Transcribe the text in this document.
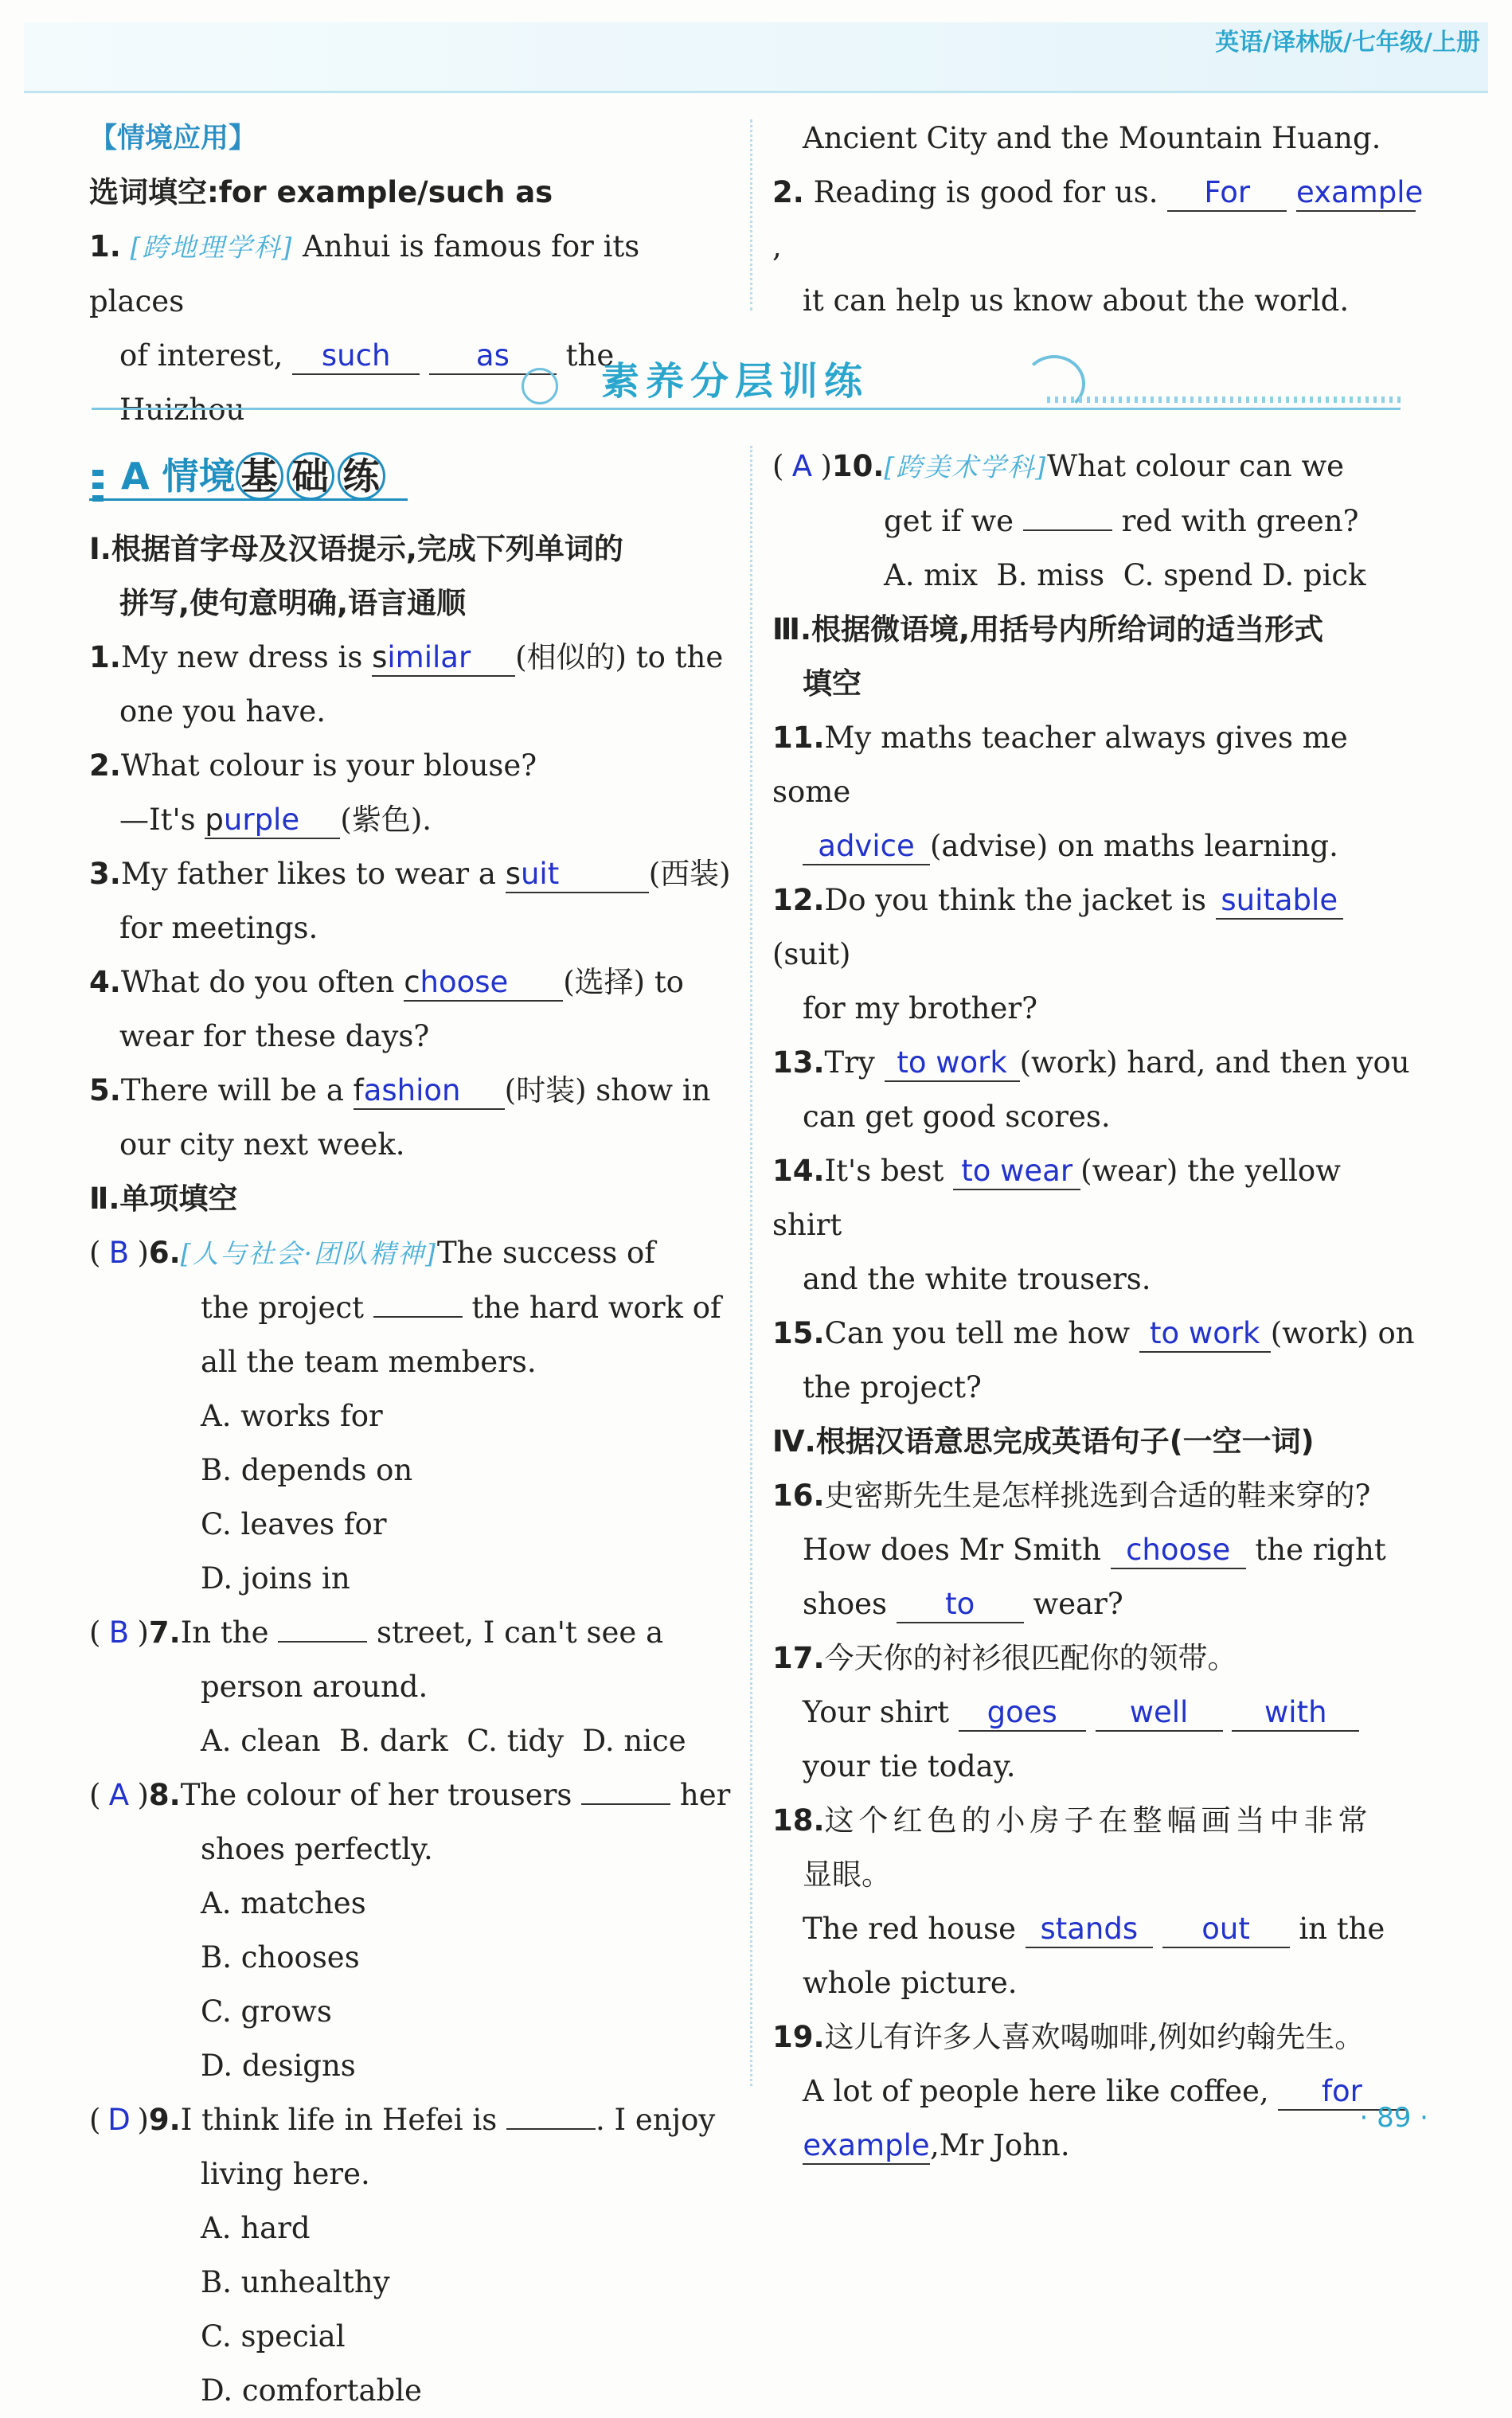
英语/译林版/七年级/上册
【情境应用】
选词填空:for example/such as
1. [跨地理学科] Anhui is famous for its places
of interest, such	as the Huizhou
Ancient City and the Mountain Huang.
2. Reading is good for us. For example,
it can help us know about the world.
素养分层训练
A 情境 基 础 练
Ⅰ.根据首字母及汉语提示,完成下列单词的
拼写,使句意明确,语言通顺
1.My new dress is similar (相似的) to the
one you have.
2.What colour is your blouse?
—It's purple (紫色).
3.My father likes to wear a suit	(西装)
for meetings.
4.What do you often choose (选择) to
wear for these days?
5.There will be a fashion (时装) show in
our city next week.
Ⅱ.单项填空
( B )6.[人与社会·团队精神]The success of
the project	the hard work of
all the team members.
A. works forB. depends on
C. leaves forD. joins in
( B )7.In the	street, I can't see a
person around.
A. clean  B. dark  C. tidy  D. nice
( A )8.The colour of her trousers	her
shoes perfectly.
A. matchesB. chooses
C. growsD. designs
( D )9.I think life in Hefei is	. I enjoy
living here.
A. hardB. unhealthy
C. specialD. comfortable
( A )10.[跨美术学科]What colour can we
get if we	red with green?
A. mix  B. miss  C. spend D. pick
Ⅲ.根据微语境,用括号内所给词的适当形式
填空
11.My maths teacher always gives me some
advice (advise) on maths learning.
12.Do you think the jacket is suitable(suit)
for my brother?
13.Try to work (work) hard, and then you
can get good scores.
14.It's best to wear (wear) the yellow shirt
and the white trousers.
15.Can you tell me how to work (work) on
the project?
Ⅳ.根据汉语意思完成英语句子(一空一词)
16.史密斯先生是怎样挑选到合适的鞋来穿的?
How does Mr Smith choose the right
shoes to wear?
17.今天你的衬衫很匹配你的领带。
Your shirt goes well	with
your tie today.
18.这个红色的小房子在整幅画当中非常
显眼。
The red house stands out in the
whole picture.
19.这儿有许多人喜欢喝咖啡,例如约翰先生。
A lot of people here like coffee, for
example,Mr John.
· 89 ·
